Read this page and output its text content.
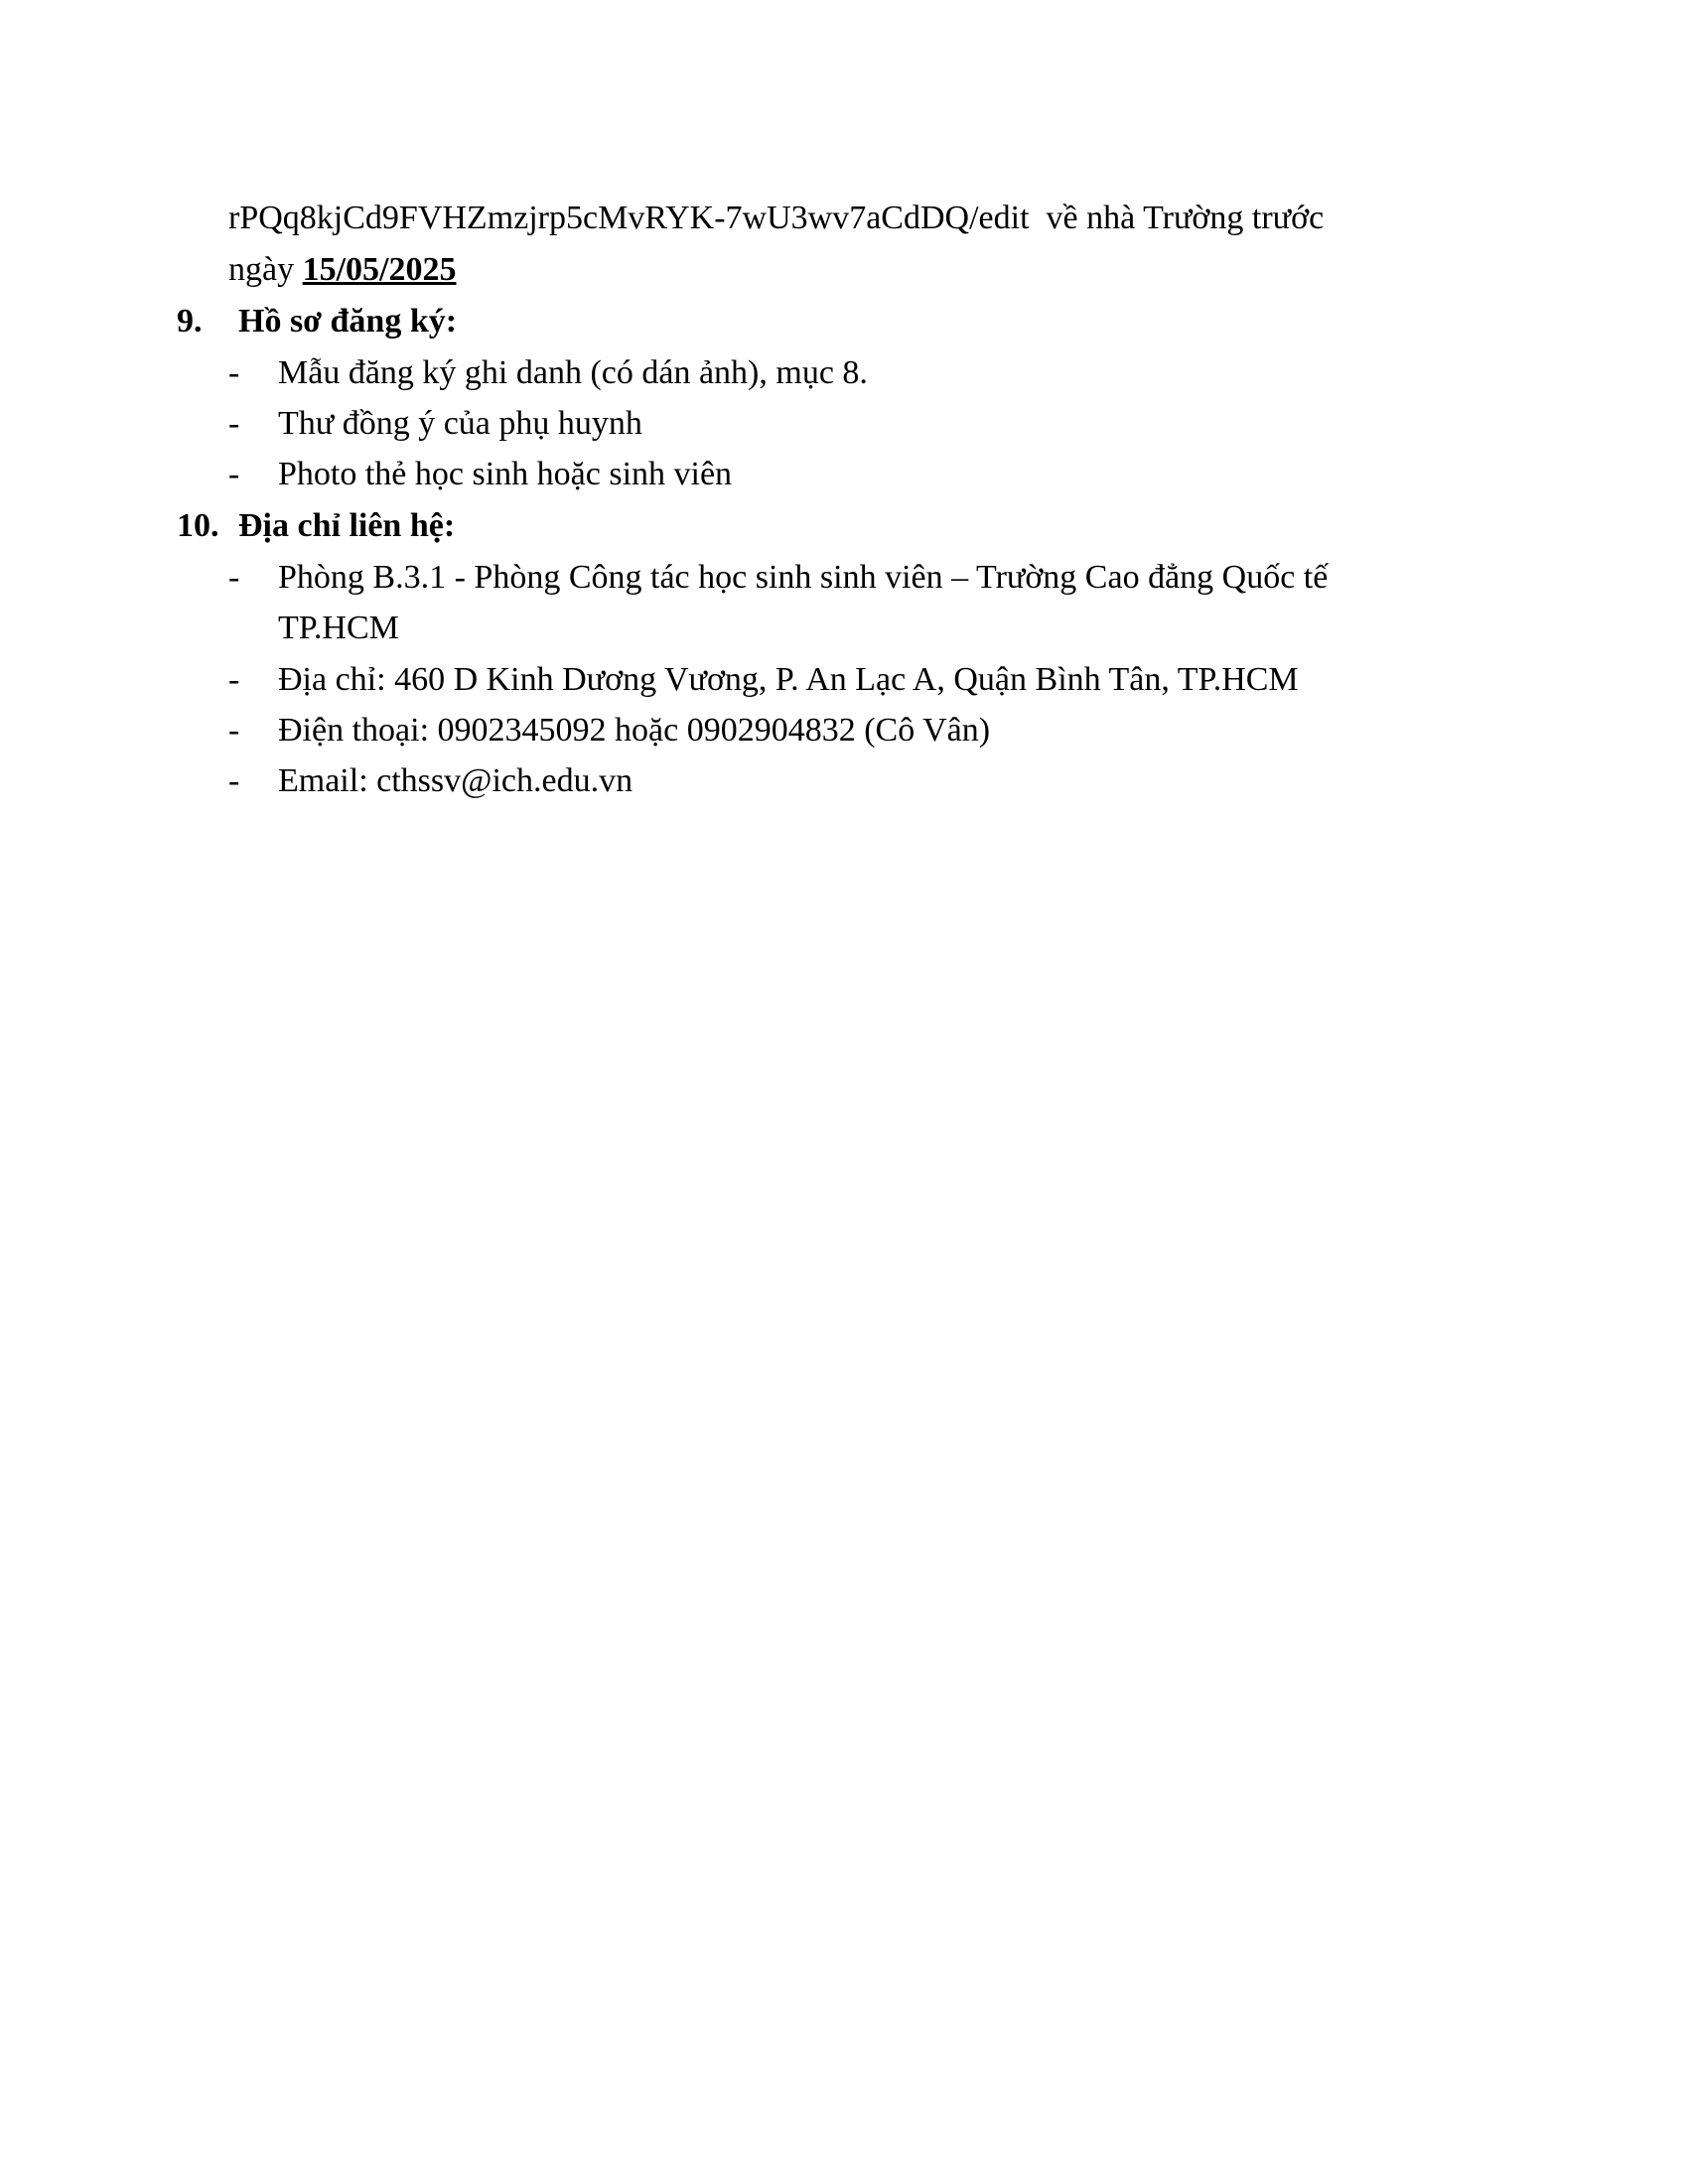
rPQq8kjCd9FVHZmzjrp5cMvRYK-7wU3wv7aCdDQ/edit về nhà Trường trước
ngày 15/05/2025
9. Hồ sơ đăng ký:
- Mẫu đăng ký ghi danh (có dán ảnh), mục 8.
- Thư đồng ý của phụ huynh
- Photo thẻ học sinh hoặc sinh viên
10. Địa chỉ liên hệ:
- Phòng B.3.1 - Phòng Công tác học sinh sinh viên – Trường Cao đẳng Quốc tế
TP.HCM
- Địa chỉ: 460 D Kinh Dương Vương, P. An Lạc A, Quận Bình Tân, TP.HCM
- Điện thoại: 0902345092 hoặc 0902904832 (Cô Vân)
- Email: cthssv@ich.edu.vn
